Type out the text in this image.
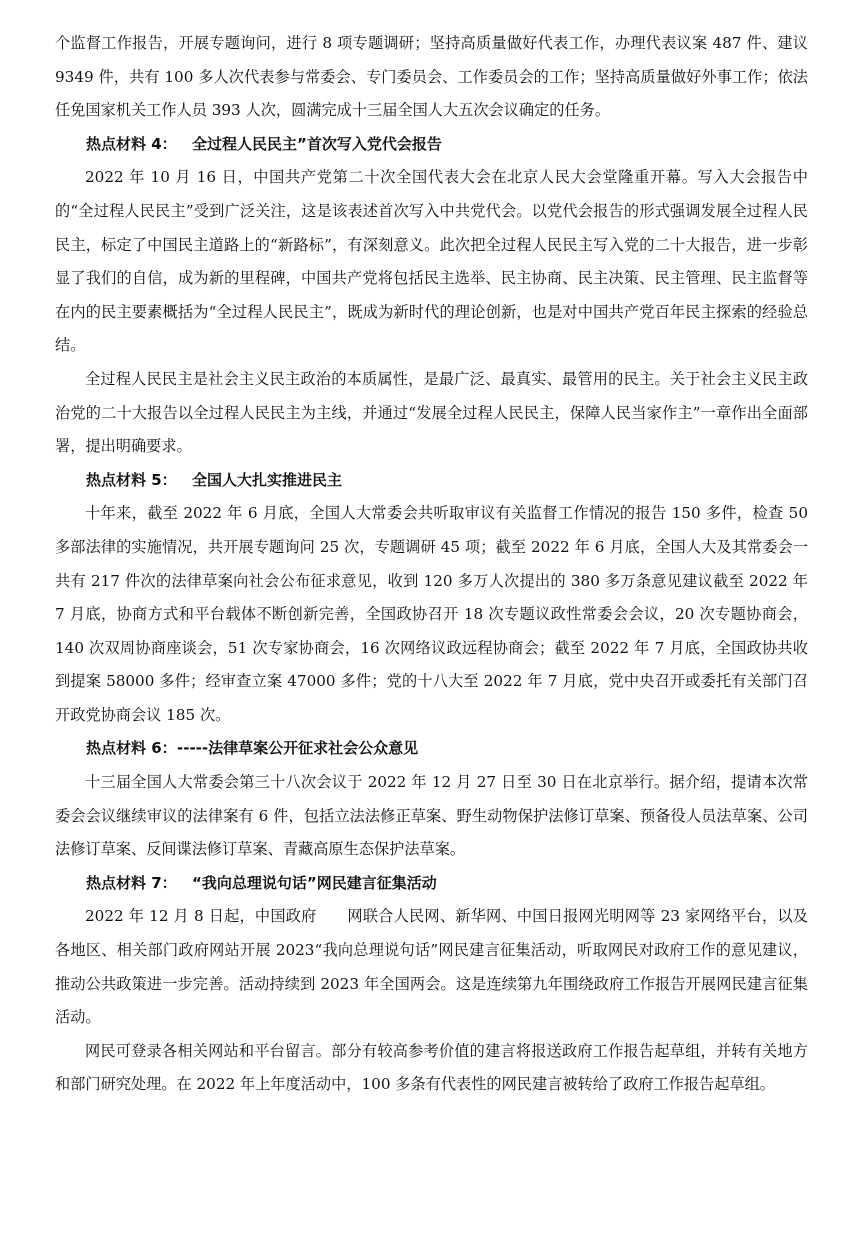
个监督工作报告，开展专题询问，进行 8 项专题调研；坚持高质量做好代表工作，办理代表议案 487 件、建议 9349 件，共有 100 多人次代表参与常委会、专门委员会、工作委员会的工作；坚持高质量做好外事工作；依法任免国家机关工作人员 393 人次，圆满完成十三届全国人大五次会议确定的任务。

热点材料 4： 全过程人民民主”首次写入党代会报告

2022 年 10 月 16 日，中国共产党第二十次全国代表大会在北京人民大会堂隆重开幕。写入大会报告中的“全过程人民民主”受到广泛关注，这是该表述首次写入中共党代会。以党代会报告的形式强调发展全过程人民民主，标定了中国民主道路上的“新路标”，有深刻意义。此次把全过程人民民主写入党的二十大报告，进一步彰显了我们的自信，成为新的里程碑，中国共产党将包括民主选举、民主协商、民主决策、民主管理、民主监督等在内的民主要素概括为“全过程人民民主”，既成为新时代的理论创新，也是对中国共产党百年民主探索的经验总结。

全过程人民民主是社会主义民主政治的本质属性，是最广泛、最真实、最管用的民主。关于社会主义民主政治党的二十大报告以全过程人民民主为主线，并通过“发展全过程人民民主，保障人民当家作主”一章作出全面部署，提出明确要求。

热点材料 5： 全国人大扎实推进民主

十年来，截至 2022 年 6 月底，全国人大常委会共听取审议有关监督工作情况的报告 150 多件，检查 50 多部法律的实施情况，共开展专题询问 25 次，专题调研 45 项；截至 2022 年 6 月底，全国人大及其常委会一共有 217 件次的法律草案向社会公布征求意见，收到 120 多万人次提出的 380 多万条意见建议截至 2022 年 7 月底，协商方式和平台载体不断创新完善，全国政协召开 18 次专题议政性常委会会议，20 次专题协商会，140 次双周协商座谈会，51 次专家协商会，16 次网络议政远程协商会；截至 2022 年 7 月底，全国政协共收到提案 58000 多件；经审查立案 47000 多件；党的十八大至 2022 年 7 月底，党中央召开或委托有关部门召开政党协商会议 185 次。

热点材料 6：-----法律草案公开征求社会公众意见

十三届全国人大常委会第三十八次会议于 2022 年 12 月 27 日至 30 日在北京举行。据介绍，提请本次常委会会议继续审议的法律案有 6 件，包括立法法修正草案、野生动物保护法修订草案、预备役人员法草案、公司法修订草案、反间谍法修订草案、青藏高原生态保护法草案。

热点材料 7： “我向总理说句话”网民建言征集活动

2022 年 12 月 8 日起，中国政府　　网联合人民网、新华网、中国日报网光明网等 23 家网络平台，以及各地区、相关部门政府网站开展 2023“我向总理说句话”网民建言征集活动，听取网民对政府工作的意见建议，推动公共政策进一步完善。活动持续到 2023 年全国两会。这是连续第九年围绕政府工作报告开展网民建言征集活动。

网民可登录各相关网站和平台留言。部分有较高参考价值的建言将报送政府工作报告起草组，并转有关地方和部门研究处理。在 2022 年上年度活动中，100 多条有代表性的网民建言被转给了政府工作报告起草组。
